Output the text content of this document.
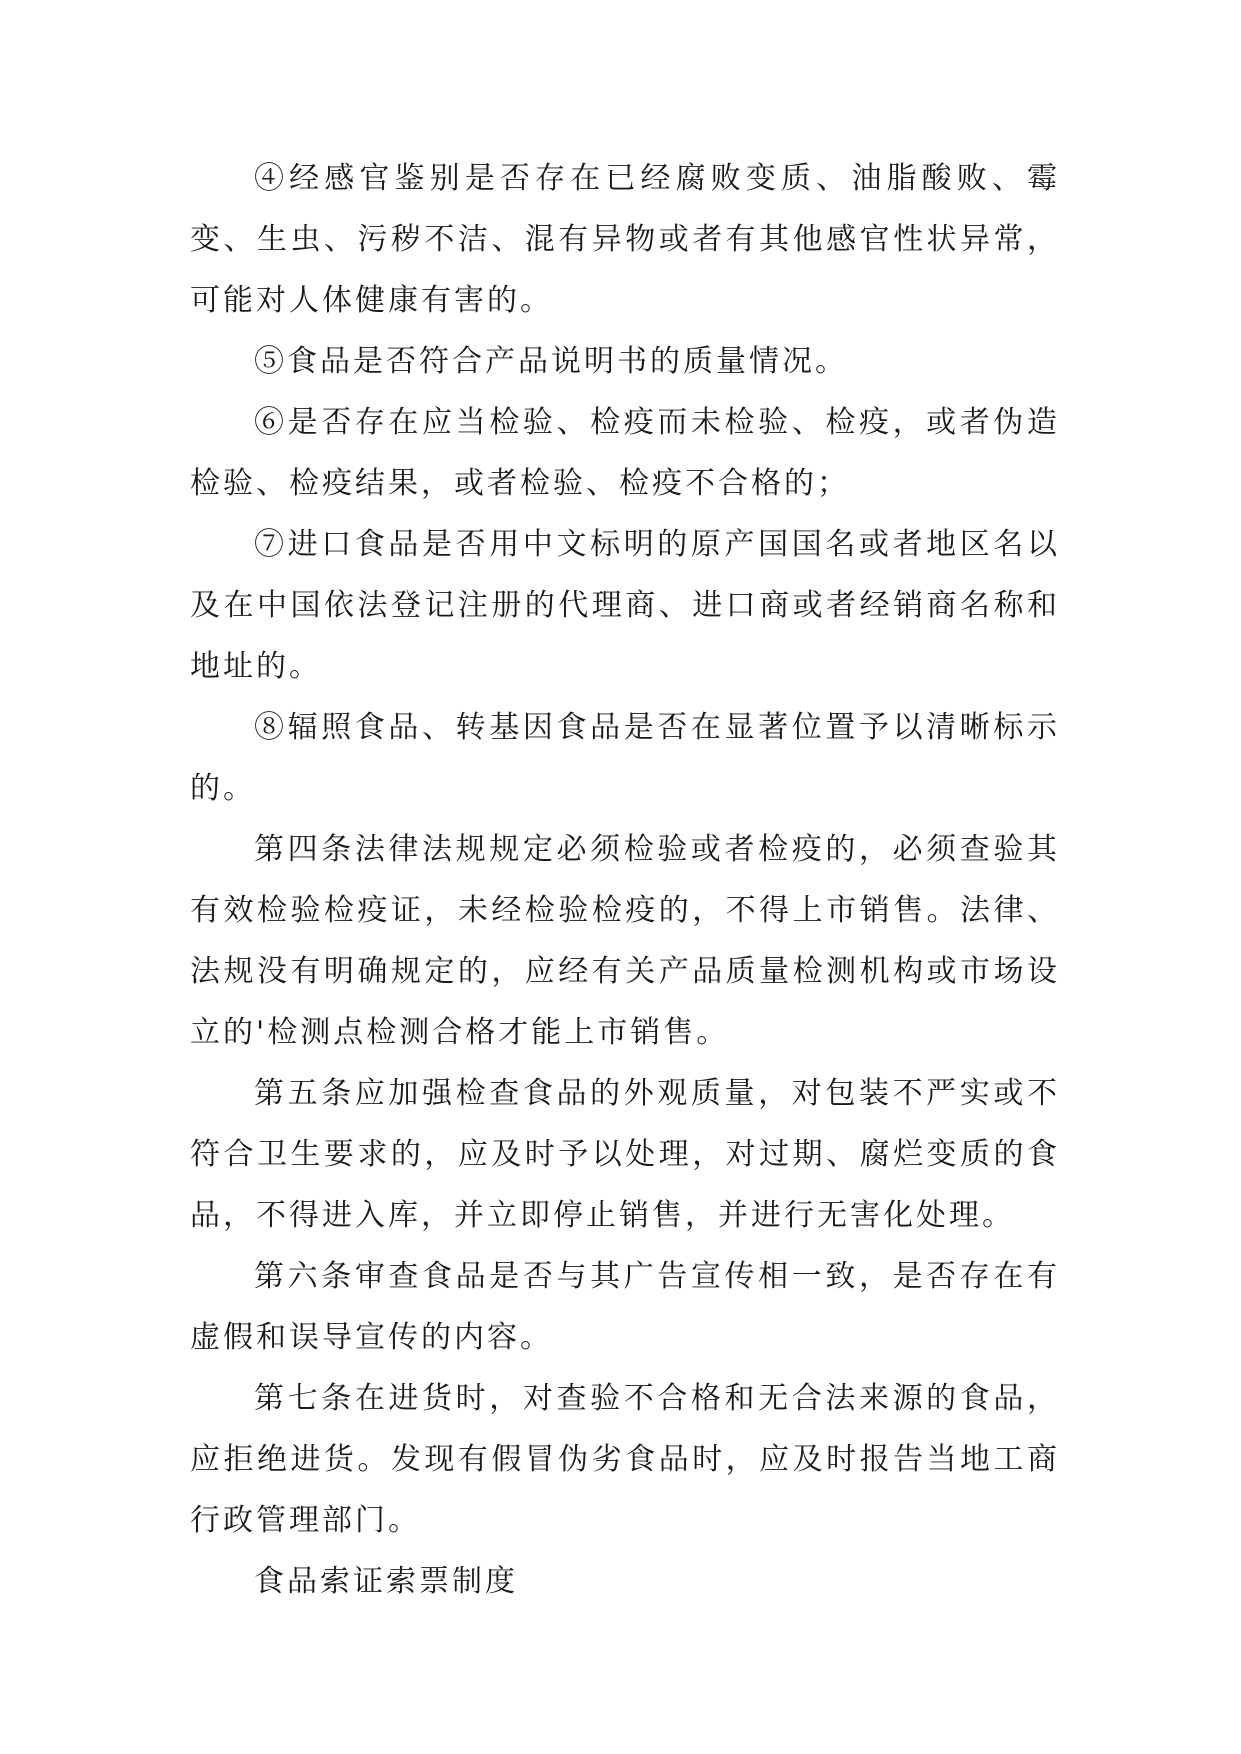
④经感官鉴别是否存在已经腐败变质、油脂酸败、霉变、生虫、污秽不洁、混有异物或者有其他感官性状异常，可能对人体健康有害的。

⑤食品是否符合产品说明书的质量情况。

⑥是否存在应当检验、检疫而未检验、检疫，或者伪造检验、检疫结果，或者检验、检疫不合格的；

⑦进口食品是否用中文标明的原产国国名或者地区名以及在中国依法登记注册的代理商、进口商或者经销商名称和地址的。

⑧辐照食品、转基因食品是否在显著位置予以清晰标示的。

第四条法律法规规定必须检验或者检疫的，必须查验其有效检验检疫证，未经检验检疫的，不得上市销售。法律、法规没有明确规定的，应经有关产品质量检测机构或市场设立的'检测点检测合格才能上市销售。

第五条应加强检查食品的外观质量，对包装不严实或不符合卫生要求的，应及时予以处理，对过期、腐烂变质的食品，不得进入库，并立即停止销售，并进行无害化处理。

第六条审查食品是否与其广告宣传相一致，是否存在有虚假和误导宣传的内容。

第七条在进货时，对查验不合格和无合法来源的食品，应拒绝进货。发现有假冒伪劣食品时，应及时报告当地工商行政管理部门。

食品索证索票制度
